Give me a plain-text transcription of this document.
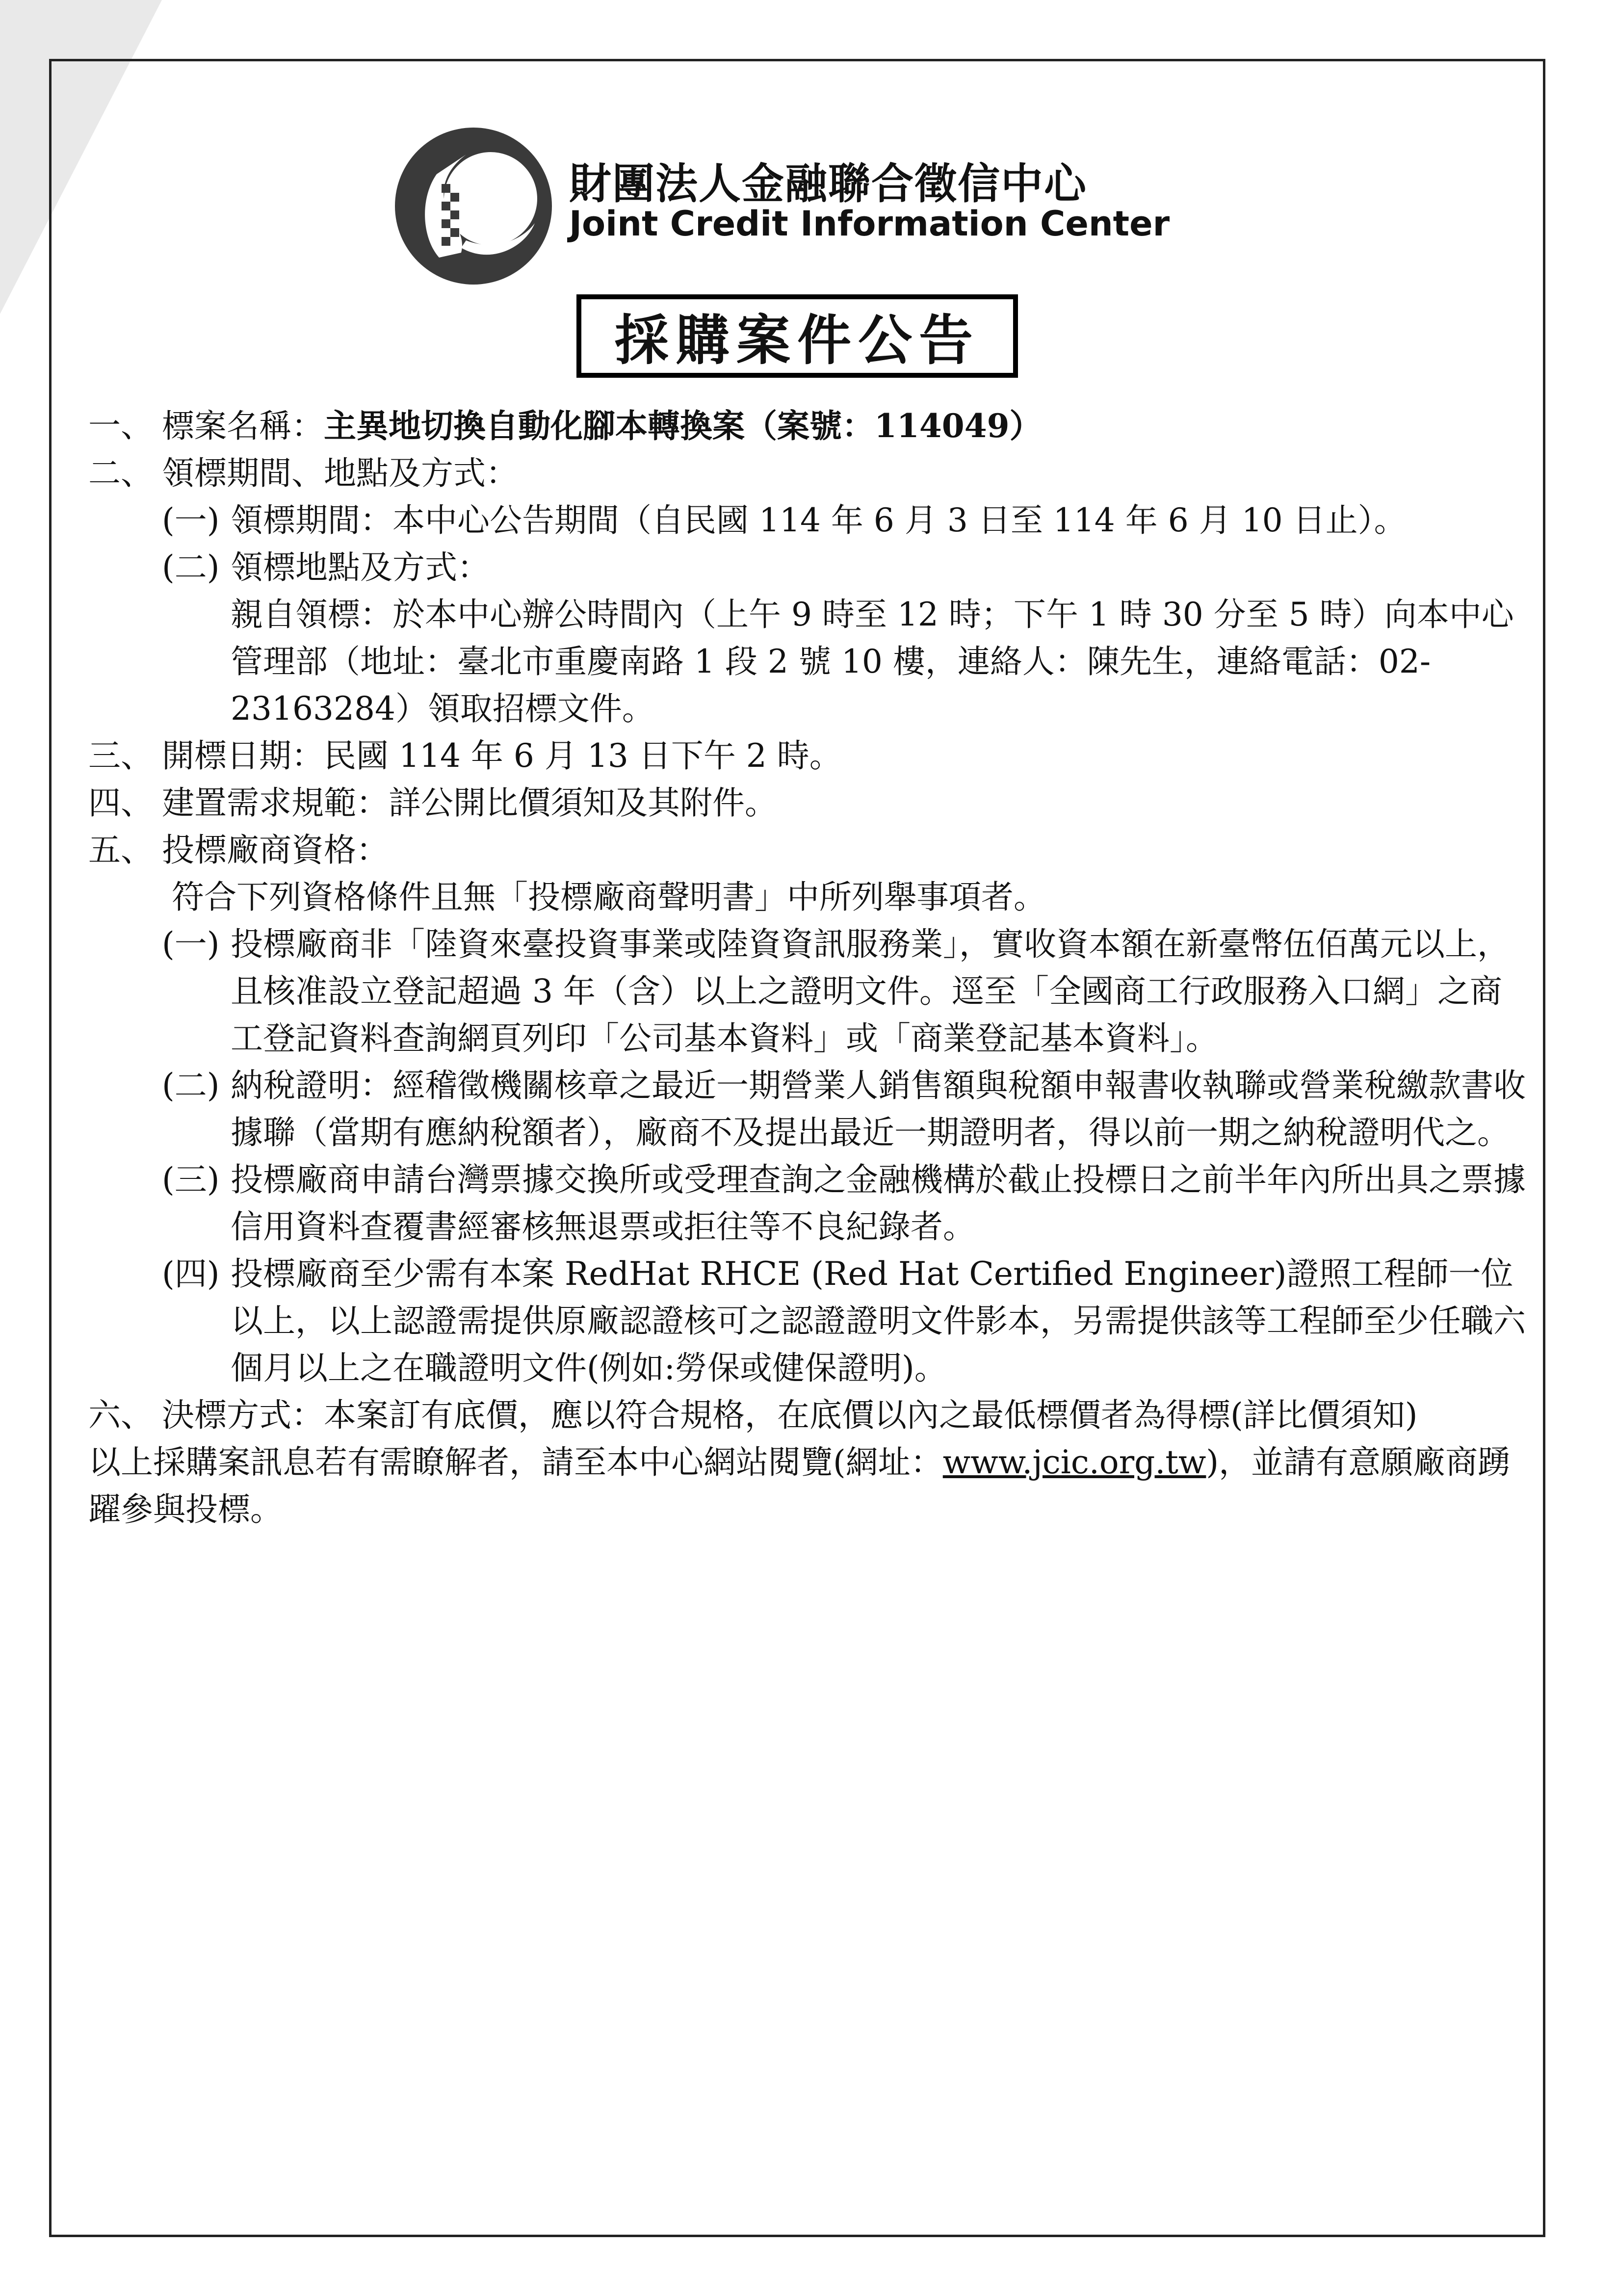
財團法人金融聯合徵信中心
Joint Credit Information Center
採購案件公告
一、 標案名稱：主異地切換自動化腳本轉換案（案號：114049）
二、 領標期間、地點及方式：
(一) 領標期間：本中心公告期間（自民國 114 年 6 月 3 日至 114 年 6 月 10 日止）。
(二) 領標地點及方式：
親自領標：於本中心辦公時間內（上午 9 時至 12 時；下午 1 時 30 分至 5 時）向本中心管理部（地址：臺北市重慶南路 1 段 2 號 10 樓，連絡人：陳先生，連絡電話：02-23163284）領取招標文件。
三、 開標日期：民國 114 年 6 月 13 日下午 2 時。
四、 建置需求規範：詳公開比價須知及其附件。
五、 投標廠商資格：
符合下列資格條件且無「投標廠商聲明書」中所列舉事項者。
(一) 投標廠商非「陸資來臺投資事業或陸資資訊服務業」，實收資本額在新臺幣伍佰萬元以上，且核准設立登記超過 3 年（含）以上之證明文件。逕至「全國商工行政服務入口網」之商工登記資料查詢網頁列印「公司基本資料」或「商業登記基本資料」。
(二) 納稅證明：經稽徵機關核章之最近一期營業人銷售額與稅額申報書收執聯或營業稅繳款書收據聯（當期有應納稅額者），廠商不及提出最近一期證明者，得以前一期之納稅證明代之。
(三) 投標廠商申請台灣票據交換所或受理查詢之金融機構於截止投標日之前半年內所出具之票據信用資料查覆書經審核無退票或拒往等不良紀錄者。
(四) 投標廠商至少需有本案 RedHat RHCE (Red Hat Certified Engineer)證照工程師一位以上，以上認證需提供原廠認證核可之認證證明文件影本，另需提供該等工程師至少任職六個月以上之在職證明文件(例如:勞保或健保證明)。
六、 決標方式：本案訂有底價，應以符合規格，在底價以內之最低標價者為得標(詳比價須知)
以上採購案訊息若有需瞭解者，請至本中心網站閱覽(網址：www.jcic.org.tw)，並請有意願廠商踴躍參與投標。
